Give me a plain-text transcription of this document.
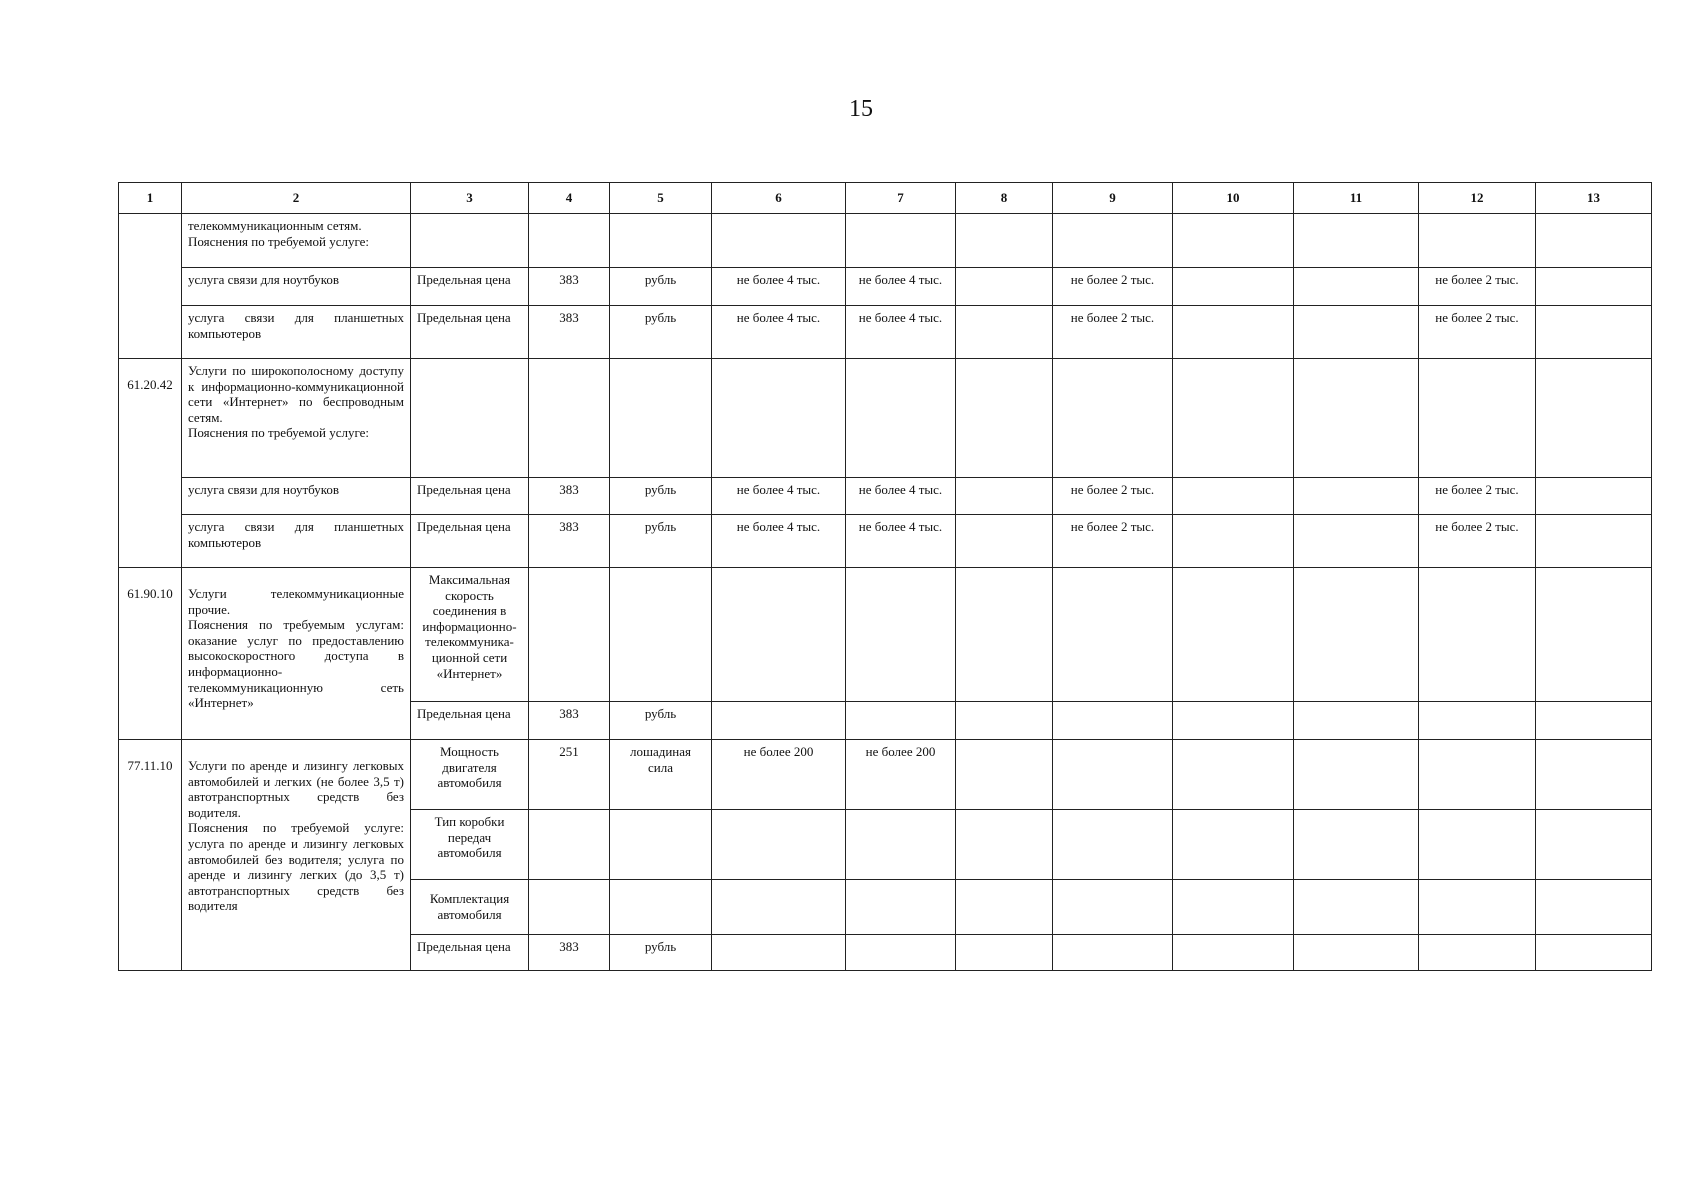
15
1	2	3	4	5	6	7	8	9	10	11	12	13
	телекоммуникационным сетям.
Пояснения по требуемой услуге:											
	услуга связи для ноутбуков	Предельная цена	383	рубль	не более 4 тыс.	не более 4 тыс.		не более 2 тыс.			не более 2 тыс.	
	услуга связи для планшетных компьютеров	Предельная цена	383	рубль	не более 4 тыс.	не более 4 тыс.		не более 2 тыс.			не более 2 тыс.	
61.20.42	Услуги по широкополосному доступу к информационно-коммуникационной сети «Интернет» по беспроводным сетям.
Пояснения по требуемой услуге:											
	услуга связи для ноутбуков	Предельная цена	383	рубль	не более 4 тыс.	не более 4 тыс.		не более 2 тыс.			не более 2 тыс.	
	услуга связи для планшетных компьютеров	Предельная цена	383	рубль	не более 4 тыс.	не более 4 тыс.		не более 2 тыс.			не более 2 тыс.	
61.90.10	Услуги телекоммуникационные прочие.
Пояснения по требуемым услугам: оказание услуг по предоставлению высокоскоростного доступа в информационно-телекоммуникационную сеть «Интернет»	Максимальная скорость соединения в информационно-телекоммуника-ционной сети «Интернет»										
		Предельная цена	383	рубль								
77.11.10	Услуги по аренде и лизингу легковых автомобилей и легких (не более 3,5 т) автотранспортных средств без водителя.
Пояснения по требуемой услуге: услуга по аренде и лизингу легковых автомобилей без водителя; услуга по аренде и лизингу легких (до 3,5 т) автотранспортных средств без водителя	Мощность двигателя автомобиля	251	лошадиная сила	не более 200	не более 200						
		Тип коробки передач автомобиля										
		Комплектация автомобиля										
		Предельная цена	383	рубль								
